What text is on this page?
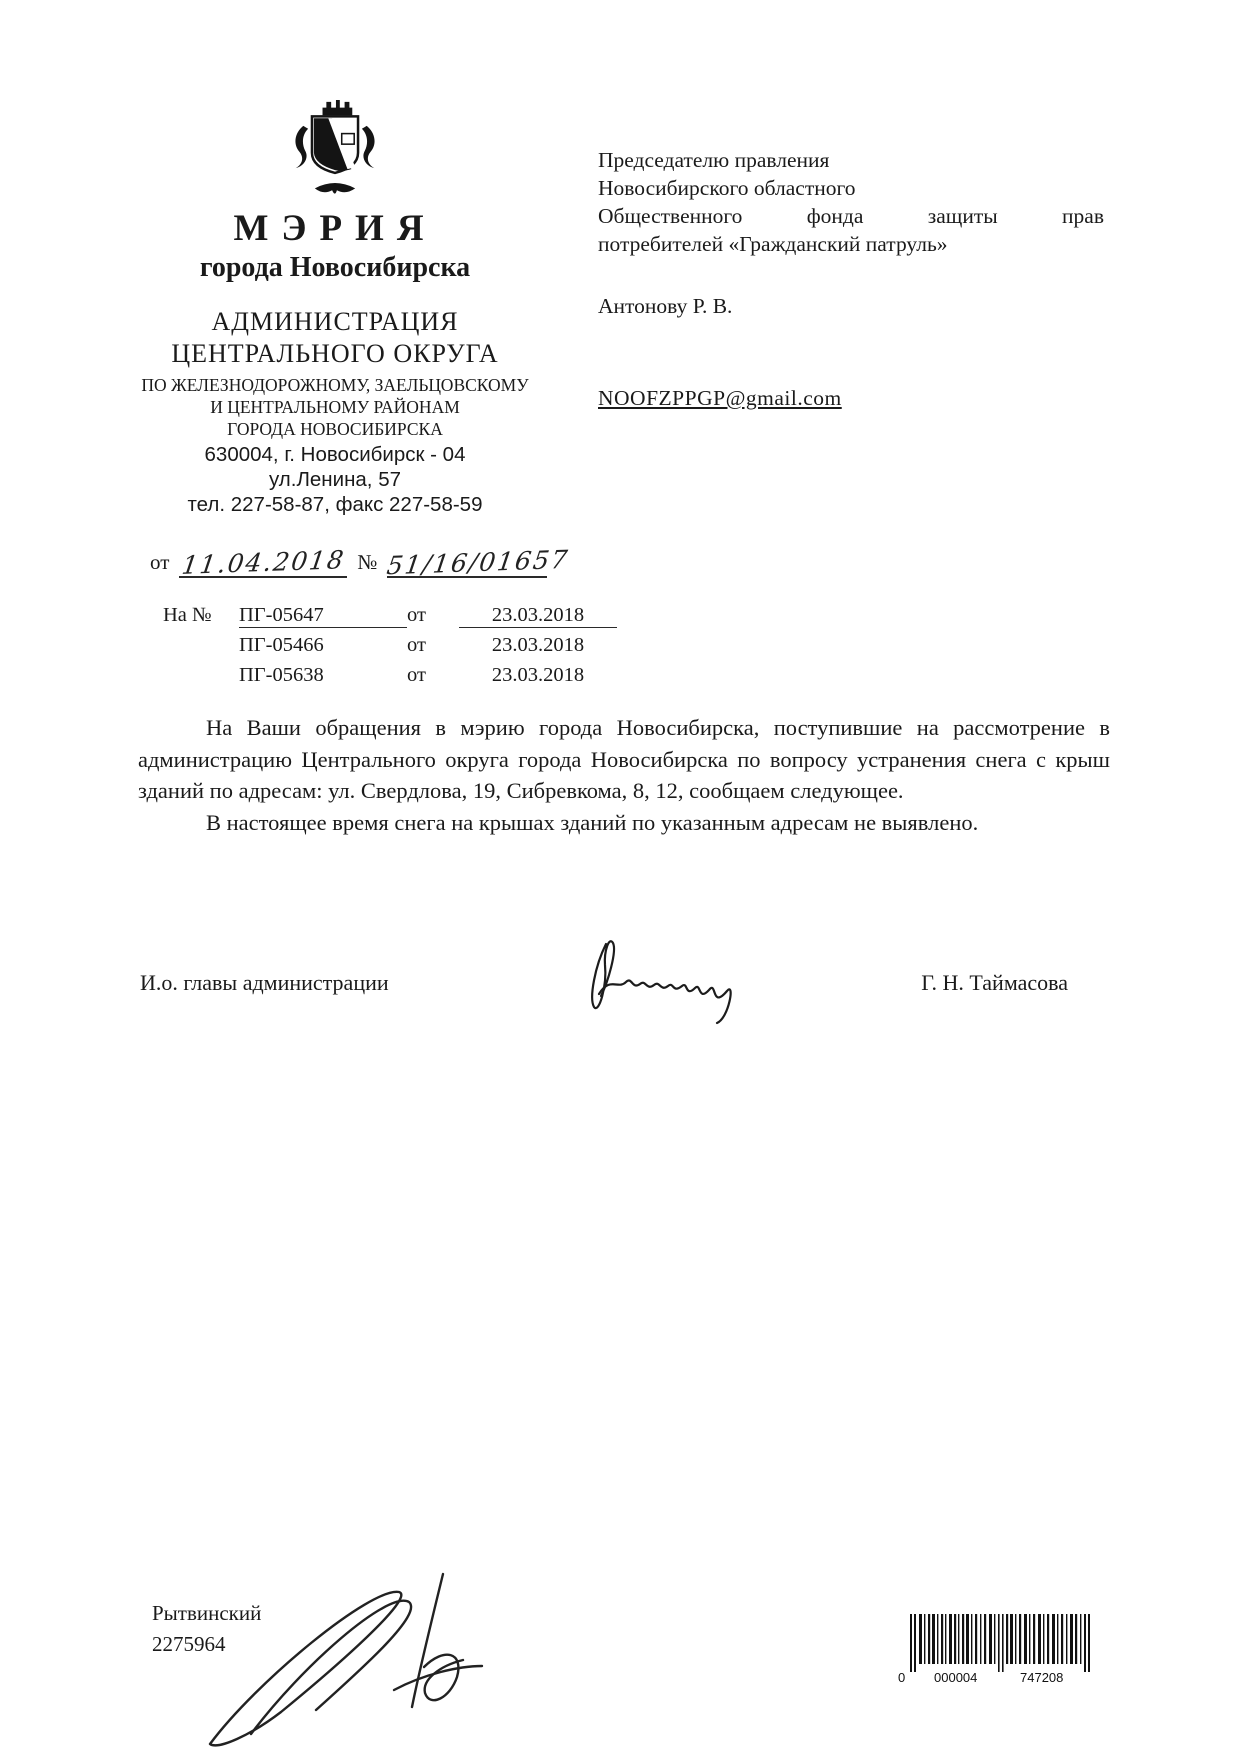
МЭРИЯ
города Новосибирска
АДМИНИСТРАЦИЯ
ЦЕНТРАЛЬНОГО ОКРУГА
ПО ЖЕЛЕЗНОДОРОЖНОМУ, ЗАЕЛЬЦОВСКОМУ
И ЦЕНТРАЛЬНОМУ РАЙОНАМ
ГОРОДА НОВОСИБИРСКА
630004, г. Новосибирск - 04
ул.Ленина, 57
тел. 227-58-87, факс 227-58-59

Председателю правления

Новосибирского областного

Общественного фонда защиты прав

потребителей «Гражданский патруль»

Антонову Р. В.

NOOFZPPGP@gmail.com

от 11.04.2018 № 51/16/01657
На №	ПГ-05647	от	23.03.2018
ПГ-05466	от	23.03.2018
ПГ-05638	от	23.03.2018

На Ваши обращения в мэрию города Новосибирска, поступившие на рассмотрение в администрацию Центрального округа города Новосибирска по вопросу устранения снега с крыш зданий по адресам: ул. Свердлова, 19, Сибревкома, 8, 12, сообщаем следующее.

В настоящее время снега на крышах зданий по указанным адресам не выявлено.

И.о. главы администрации	Г. Н. Таймасова
Рытвинский
2275964
0 000004	747208
